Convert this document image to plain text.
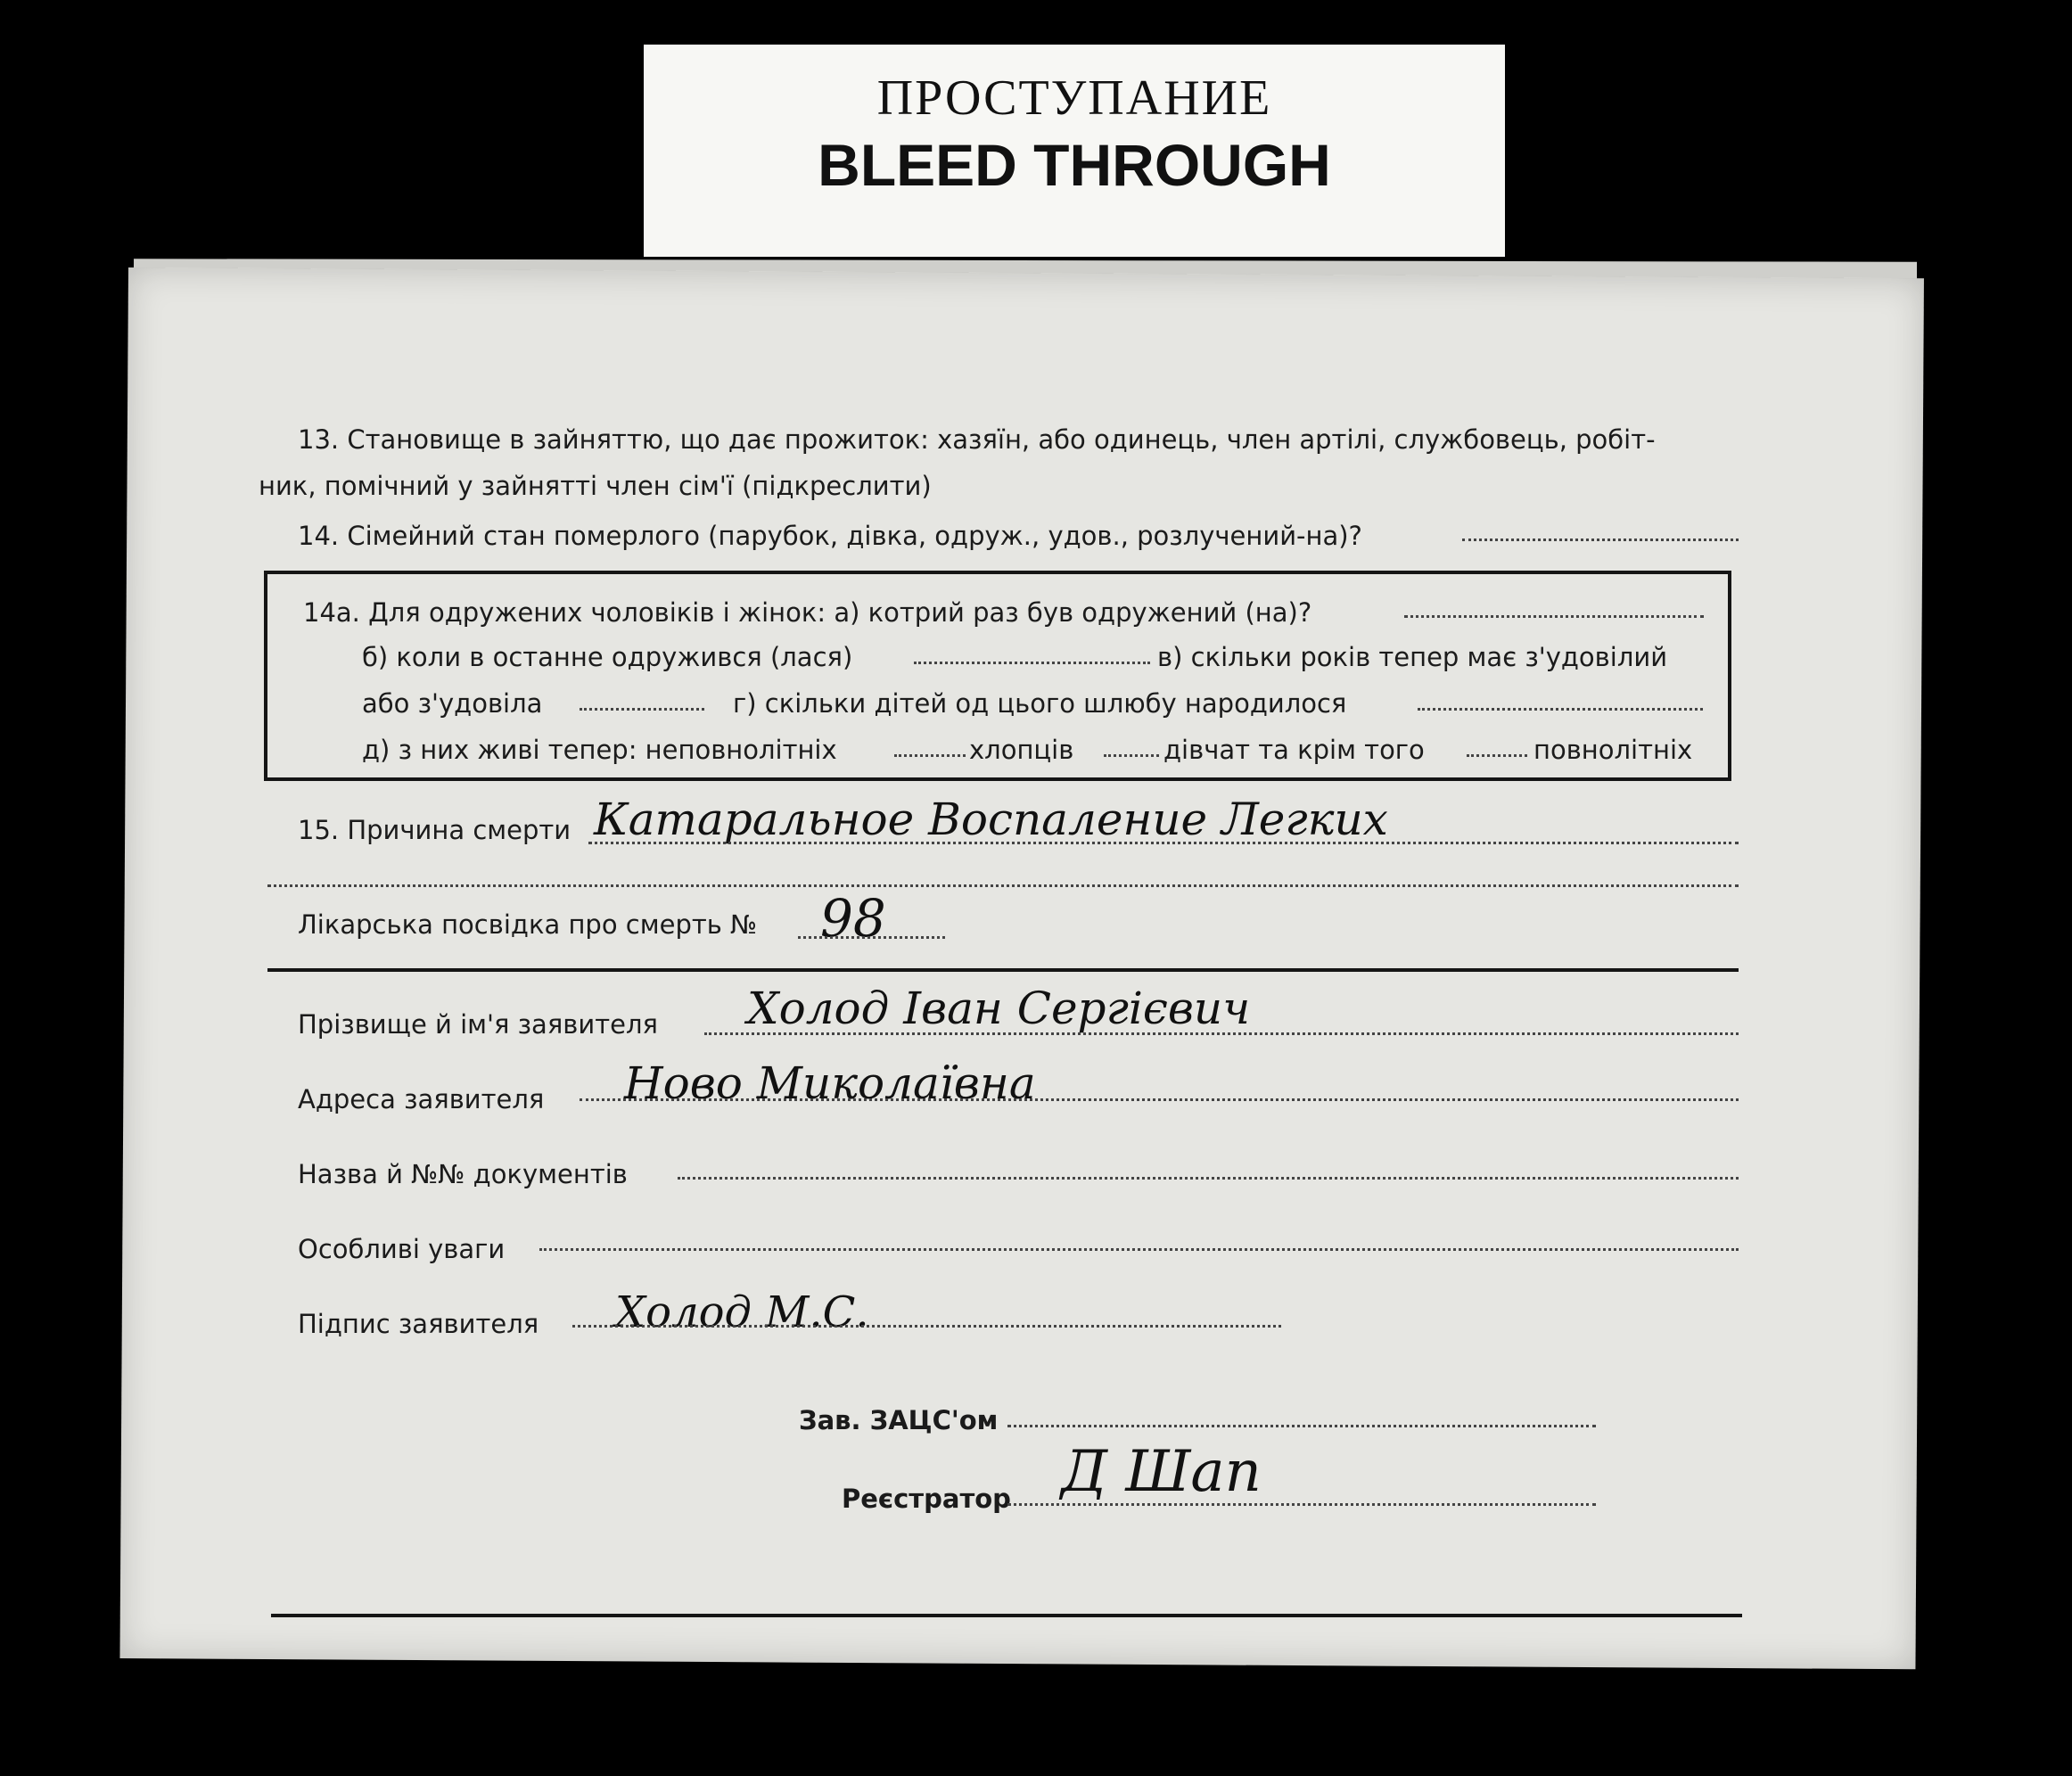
ПРОСТУПАНИЕ
BLEED THROUGH
13. Становище в зайняттю, що дає прожиток: хазяїн, або одинець, член артілі, службовець, робіт-
ник, помічний у зайнятті член сім'ї (підкреслити)
14. Сімейний стан померлого (парубок, дівка, одруж., удов., розлучений-на)?
14а. Для одружених чоловіків і жінок: а) котрий раз був одружений (на)?
б) коли в останне одружився (лася)	в) скільки років тепер має з'удовілий
або з'удовіла	г) скільки дітей од цього шлюбу народилося
д) з них живі тепер: неповнолітніх	хлопців	дівчат та крім того	повнолітніх
15. Причина смерти Катаральное Воспаление Легких
Лікарська посвідка про смерть № 98
Прізвище й ім'я заявителя Холод Іван Сергієвич
Адреса заявителя Ново Миколаївна
Назва й №№ документів
Особливі уваги
Підпис заявителя Холод М.С.
Зав. ЗАЦС'ом
Реєстратор Д Шап
